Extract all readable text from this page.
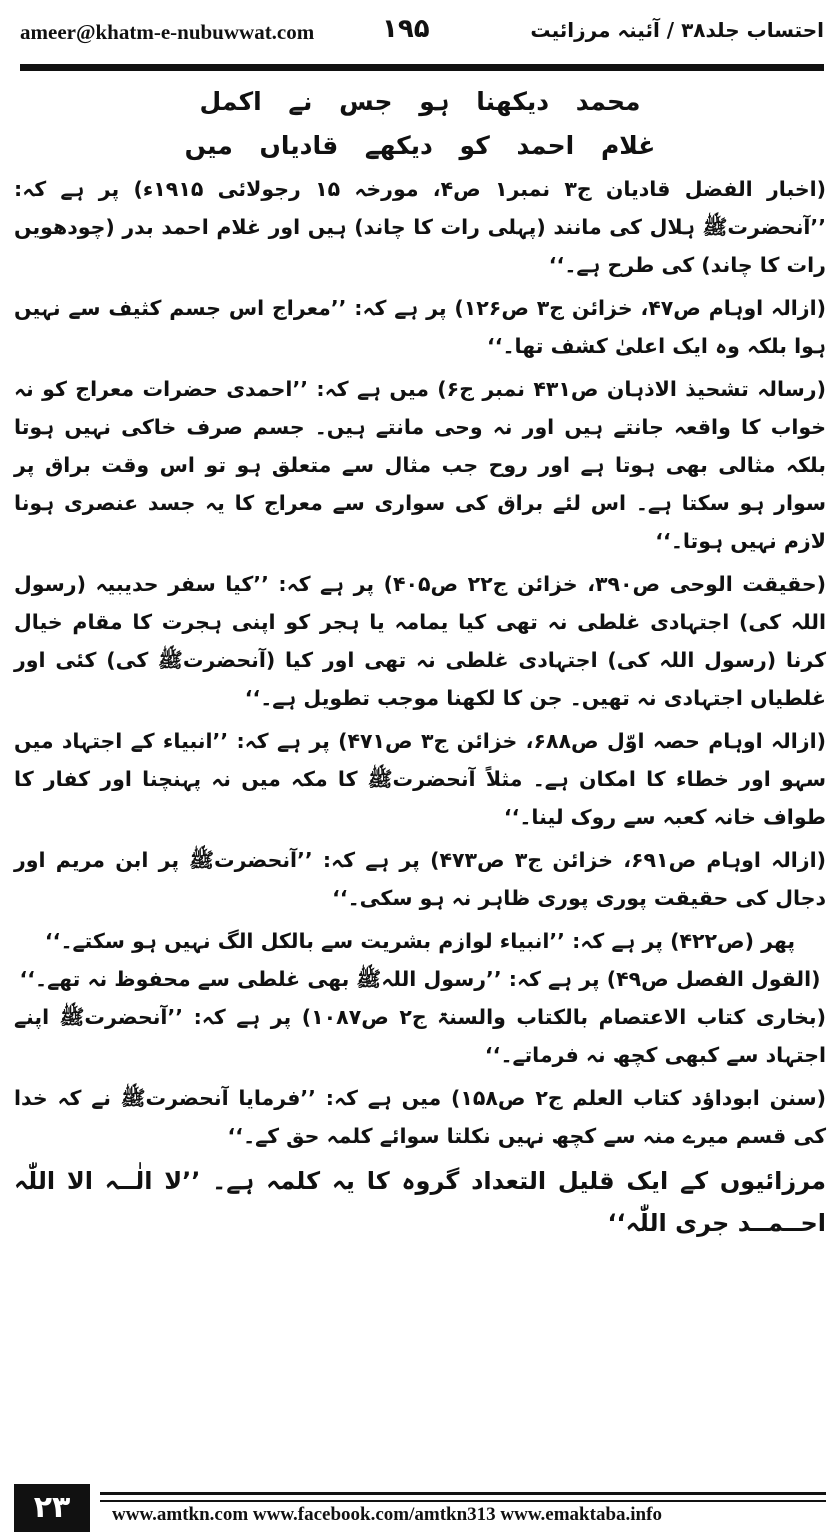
ameer@khatm-e-nubuwwat.com	۱۹۵	احتساب جلد۳۸ / آئینہ مرزائیت
محمد دیکھنا ہو جس نے اکمل
غلام احمد کو دیکھے قادیاں میں

(اخبار الفضل قادیان ج۳ نمبر۱ ص۴، مورخہ ۱۵ رجولائی ۱۹۱۵ء) پر ہے کہ: ’’آنحضرتﷺ ہلال کی مانند (پہلی رات کا چاند) ہیں اور غلام احمد بدر (چودھویں رات کا چاند) کی طرح ہے۔‘‘

(ازالہ اوہام ص۴۷، خزائن ج۳ ص۱۲۶) پر ہے کہ: ’’معراج اس جسم کثیف سے نہیں ہوا بلکہ وہ ایک اعلیٰ کشف تھا۔‘‘

(رسالہ تشحیذ الاذہان ص۴۳۱ نمبر ج۶) میں ہے کہ: ’’احمدی حضرات معراج کو نہ خواب کا واقعہ جانتے ہیں اور نہ وحی مانتے ہیں۔ جسم صرف خاکی نہیں ہوتا بلکہ مثالی بھی ہوتا ہے اور روح جب مثال سے متعلق ہو تو اس وقت براق پر سوار ہو سکتا ہے۔ اس لئے براق کی سواری سے معراج کا یہ جسد عنصری ہونا لازم نہیں ہوتا۔‘‘

(حقیقت الوحی ص۳۹۰، خزائن ج۲۲ ص۴۰۵) پر ہے کہ: ’’کیا سفر حدیبیہ (رسول اللہ کی) اجتہادی غلطی نہ تھی کیا یمامہ یا ہجر کو اپنی ہجرت کا مقام خیال کرنا (رسول اللہ کی) اجتہادی غلطی نہ تھی اور کیا (آنحضرتﷺ کی) کئی اور غلطیاں اجتہادی نہ تھیں۔ جن کا لکھنا موجب تطویل ہے۔‘‘

(ازالہ اوہام حصہ اوّل ص۶۸۸، خزائن ج۳ ص۴۷۱) پر ہے کہ: ’’انبیاء کے اجتہاد میں سہو اور خطاء کا امکان ہے۔ مثلاً آنحضرتﷺ کا مکہ میں نہ پہنچنا اور کفار کا طواف خانہ کعبہ سے روک لینا۔‘‘

(ازالہ اوہام ص۶۹۱، خزائن ج۳ ص۴۷۳) پر ہے کہ: ’’آنحضرتﷺ پر ابن مریم اور دجال کی حقیقت پوری پوری ظاہر نہ ہو سکی۔‘‘

پھر (ص۴۲۲) پر ہے کہ: ’’انبیاء لوازم بشریت سے بالکل الگ نہیں ہو سکتے۔‘‘

(القول الفصل ص۴۹) پر ہے کہ: ’’رسول اللہﷺ بھی غلطی سے محفوظ نہ تھے۔‘‘

(بخاری کتاب الاعتصام بالکتاب والسنۃ ج۲ ص۱۰۸۷) پر ہے کہ: ’’آنحضرتﷺ اپنے اجتہاد سے کبھی کچھ نہ فرماتے۔‘‘

(سنن ابوداؤد کتاب العلم ج۲ ص۱۵۸) میں ہے کہ: ’’فرمایا آنحضرتﷺ نے کہ خدا کی قسم میرے منہ سے کچھ نہیں نکلتا سوائے کلمہ حق کے۔‘‘

مرزائیوں کے ایک قلیل التعداد گروہ کا یہ کلمہ ہے۔ ’’لا الٰــہ الا اللّٰہ احــمــد جری اللّٰہ‘‘

۲۳	www.amtkn.com www.facebook.com/amtkn313 www.emaktaba.info
